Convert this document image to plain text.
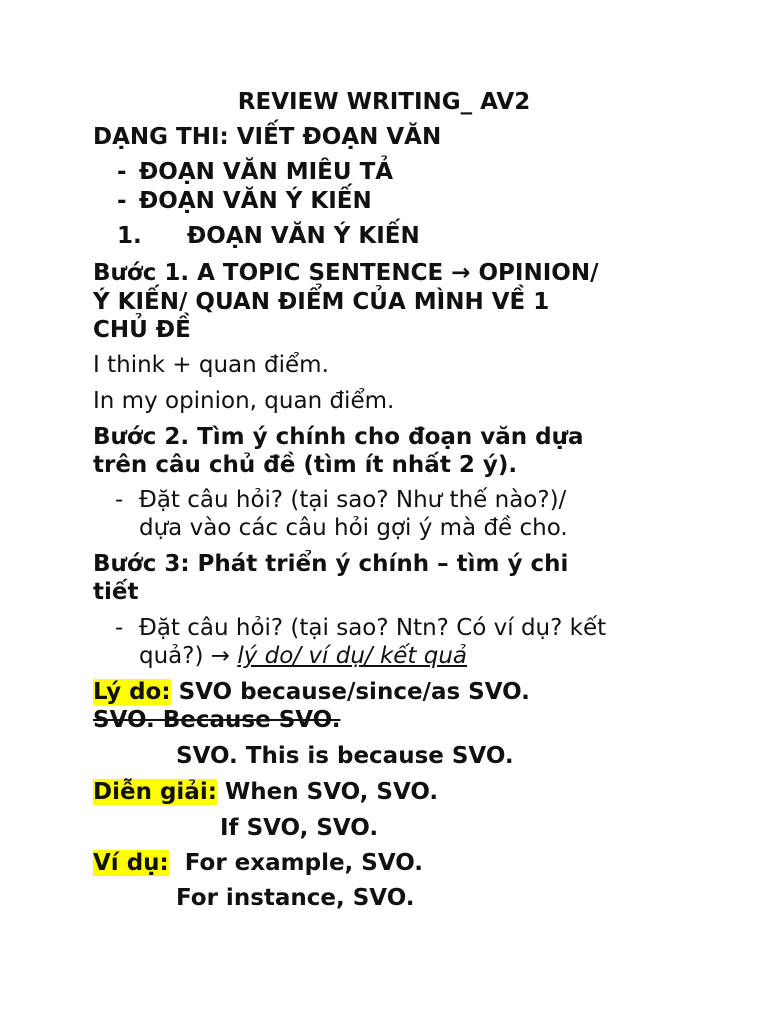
REVIEW WRITING_ AV2

DẠNG THI: VIẾT ĐOẠN VĂN

- ĐOẠN VĂN MIÊU TẢ

- ĐOẠN VĂN Ý KIẾN

1. ĐOẠN VĂN Ý KIẾN

Bước 1. A TOPIC SENTENCE → OPINION/

Ý KIẾN/ QUAN ĐIỂM CỦA MÌNH VỀ 1

CHỦ ĐỀ

I think + quan điểm.

In my opinion, quan điểm.

Bước 2. Tìm ý chính cho đoạn văn dựa

trên câu chủ đề (tìm ít nhất 2 ý).

- Đặt câu hỏi? (tại sao? Như thế nào?)/

dựa vào các câu hỏi gợi ý mà đề cho.

Bước 3: Phát triển ý chính – tìm ý chi

tiết

- Đặt câu hỏi? (tại sao? Ntn? Có ví dụ? kết

quả?) → lý do/ ví dụ/ kết quả

Lý do: SVO because/since/as SVO.

SVO. Because SVO.

SVO. This is because SVO.

Diễn giải: When SVO, SVO.

If SVO, SVO.

Ví dụ:  For example, SVO.

For instance, SVO.
